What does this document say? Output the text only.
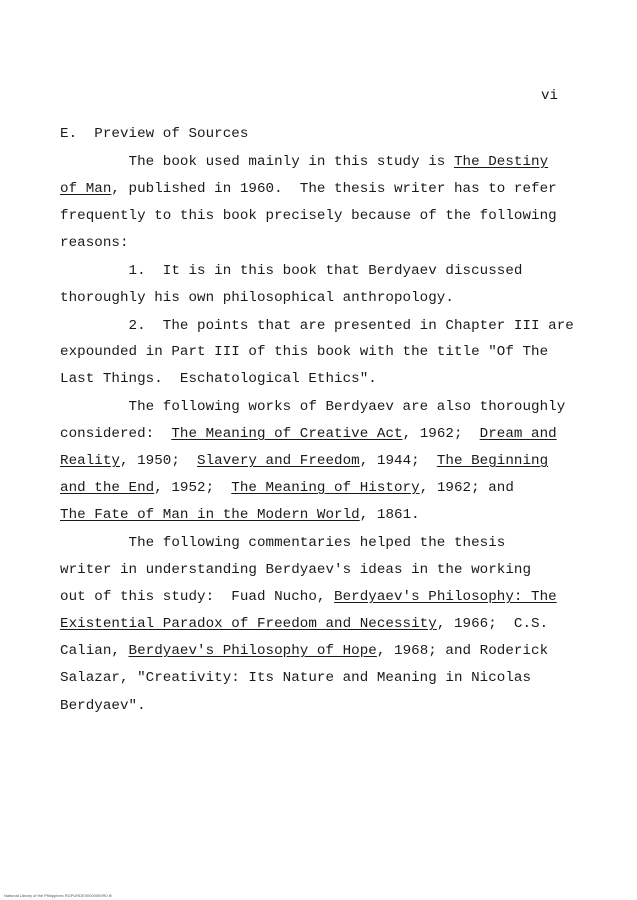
vi
E.  Preview of Sources
The book used mainly in this study is The Destiny
of Man, published in 1960.  The thesis writer has to refer
frequently to this book precisely because of the following
reasons:
1.  It is in this book that Berdyaev discussed
thoroughly his own philosophical anthropology.
2.  The points that are presented in Chapter III are
expounded in Part III of this book with the title "Of The
Last Things.  Eschatological Ethics".
The following works of Berdyaev are also thoroughly
considered:  The Meaning of Creative Act, 1962;  Dream and
Reality, 1950;  Slavery and Freedom, 1944;  The Beginning
and the End, 1952;  The Meaning of History, 1962; and
The Fate of Man in the Modern World, 1861.
The following commentaries helped the thesis
writer in understanding Berdyaev's ideas in the working
out of this study:  Fuad Nucho, Berdyaev's Philosophy: The
Existential Paradox of Freedom and Necessity, 1966;  C.S.
Calian, Berdyaev's Philosophy of Hope, 1968; and Roderick
Salazar, "Creativity: Its Nature and Meaning in Nicolas
Berdyaev".
National Library of the Philippines RGPURDE00000000R0 lit
